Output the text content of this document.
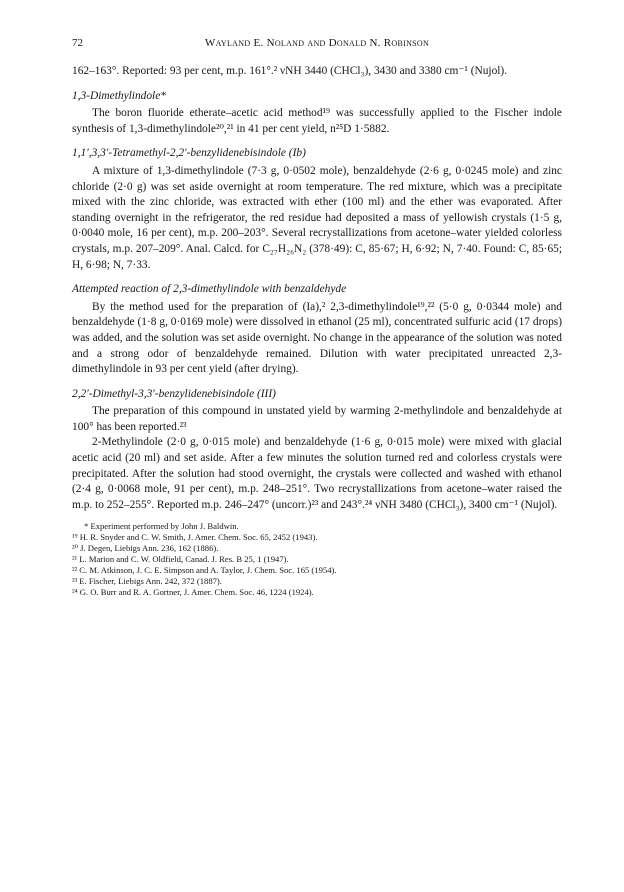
72	Wayland E. Noland and Donald N. Robinson

162–163°. Reported: 93 per cent, m.p. 161°.² νNH 3440 (CHCl₃), 3430 and 3380 cm⁻¹ (Nujol).

1,3-Dimethylindole*

The boron fluoride etherate–acetic acid method¹⁹ was successfully applied to the Fischer indole synthesis of 1,3-dimethylindole²⁰,²¹ in 41 per cent yield, n²⁵D 1·5882.

1,1′,3,3′-Tetramethyl-2,2′-benzylidenebisindole (Ib)

A mixture of 1,3-dimethylindole (7·3 g, 0·0502 mole), benzaldehyde (2·6 g, 0·0245 mole) and zinc chloride (2·0 g) was set aside overnight at room temperature. The red mixture, which was a precipitate mixed with the zinc chloride, was extracted with ether (100 ml) and the ether was evaporated. After standing overnight in the refrigerator, the red residue had deposited a mass of yellowish crystals (1·5 g, 0·0040 mole, 16 per cent), m.p. 200–203°. Several recrystallizations from acetone–water yielded colorless crystals, m.p. 207–209°. Anal. Calcd. for C₂₇H₂₆N₂ (378·49): C, 85·67; H, 6·92; N, 7·40. Found: C, 85·65; H, 6·98; N, 7·33.

Attempted reaction of 2,3-dimethylindole with benzaldehyde

By the method used for the preparation of (Ia),² 2,3-dimethylindole¹⁹,²² (5·0 g, 0·0344 mole) and benzaldehyde (1·8 g, 0·0169 mole) were dissolved in ethanol (25 ml), concentrated sulfuric acid (17 drops) was added, and the solution was set aside overnight. No change in the appearance of the solution was noted and a strong odor of benzaldehyde remained. Dilution with water precipitated unreacted 2,3-dimethylindole in 93 per cent yield (after drying).

2,2′-Dimethyl-3,3′-benzylidenebisindole (III)

The preparation of this compound in unstated yield by warming 2-methylindole and benzaldehyde at 100° has been reported.²³

2-Methylindole (2·0 g, 0·015 mole) and benzaldehyde (1·6 g, 0·015 mole) were mixed with glacial acetic acid (20 ml) and set aside. After a few minutes the solution turned red and colorless crystals were precipitated. After the solution had stood overnight, the crystals were collected and washed with ethanol (2·4 g, 0·0068 mole, 91 per cent), m.p. 248–251°. Two recrystallizations from acetone–water raised the m.p. to 252–255°. Reported m.p. 246–247° (uncorr.)²³ and 243°.²⁴ νNH 3480 (CHCl₃), 3400 cm⁻¹ (Nujol).

* Experiment performed by John J. Baldwin.
¹⁹ H. R. Snyder and C. W. Smith, J. Amer. Chem. Soc. 65, 2452 (1943).
²⁰ J. Degen, Liebigs Ann. 236, 162 (1886).
²¹ L. Marion and C. W. Oldfield, Canad. J. Res. B 25, 1 (1947).
²² C. M. Atkinson, J. C. E. Simpson and A. Taylor, J. Chem. Soc. 165 (1954).
²³ E. Fischer, Liebigs Ann. 242, 372 (1887).
²⁴ G. O. Burr and R. A. Gortner, J. Amer. Chem. Soc. 46, 1224 (1924).
